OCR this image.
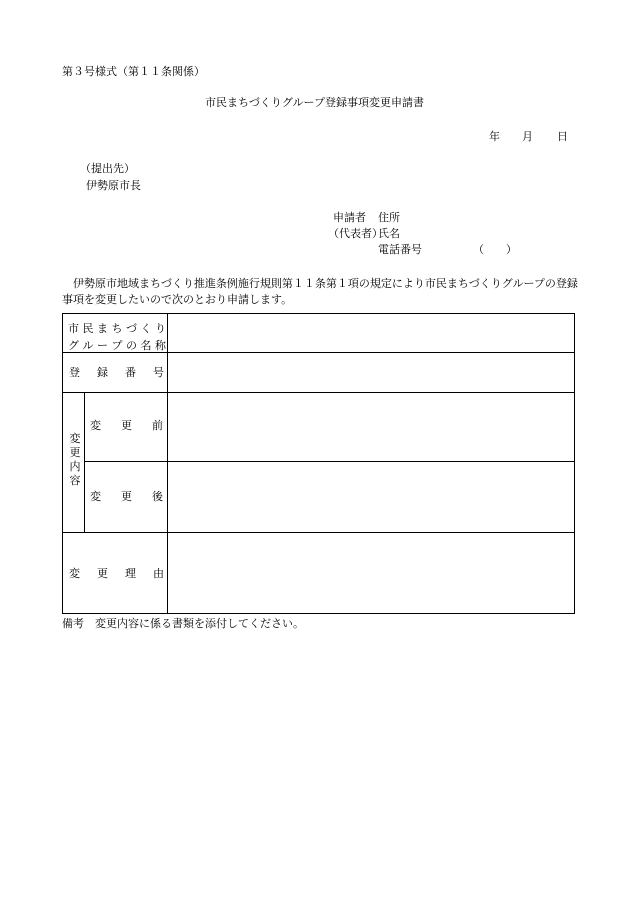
第３号様式（第１１条関係）
市民まちづくりグループ登録事項変更申請書
年 月 日
（提出先）
伊勢原市長
申請者 住所
（代表者）
氏名
電話番号	（　　）
　伊勢原市地域まちづくり推進条例施行規則第１１条第１項の規定により市民まちづくりグループの登録事項を変更したいので次のとおり申請します。
市 民 ま ち づ く り
グ ル ー プ の 名 称
登 録 番 号
変更内容
変 更 前
変 更 後
変 更 理 由
備考　変更内容に係る書類を添付してください。
